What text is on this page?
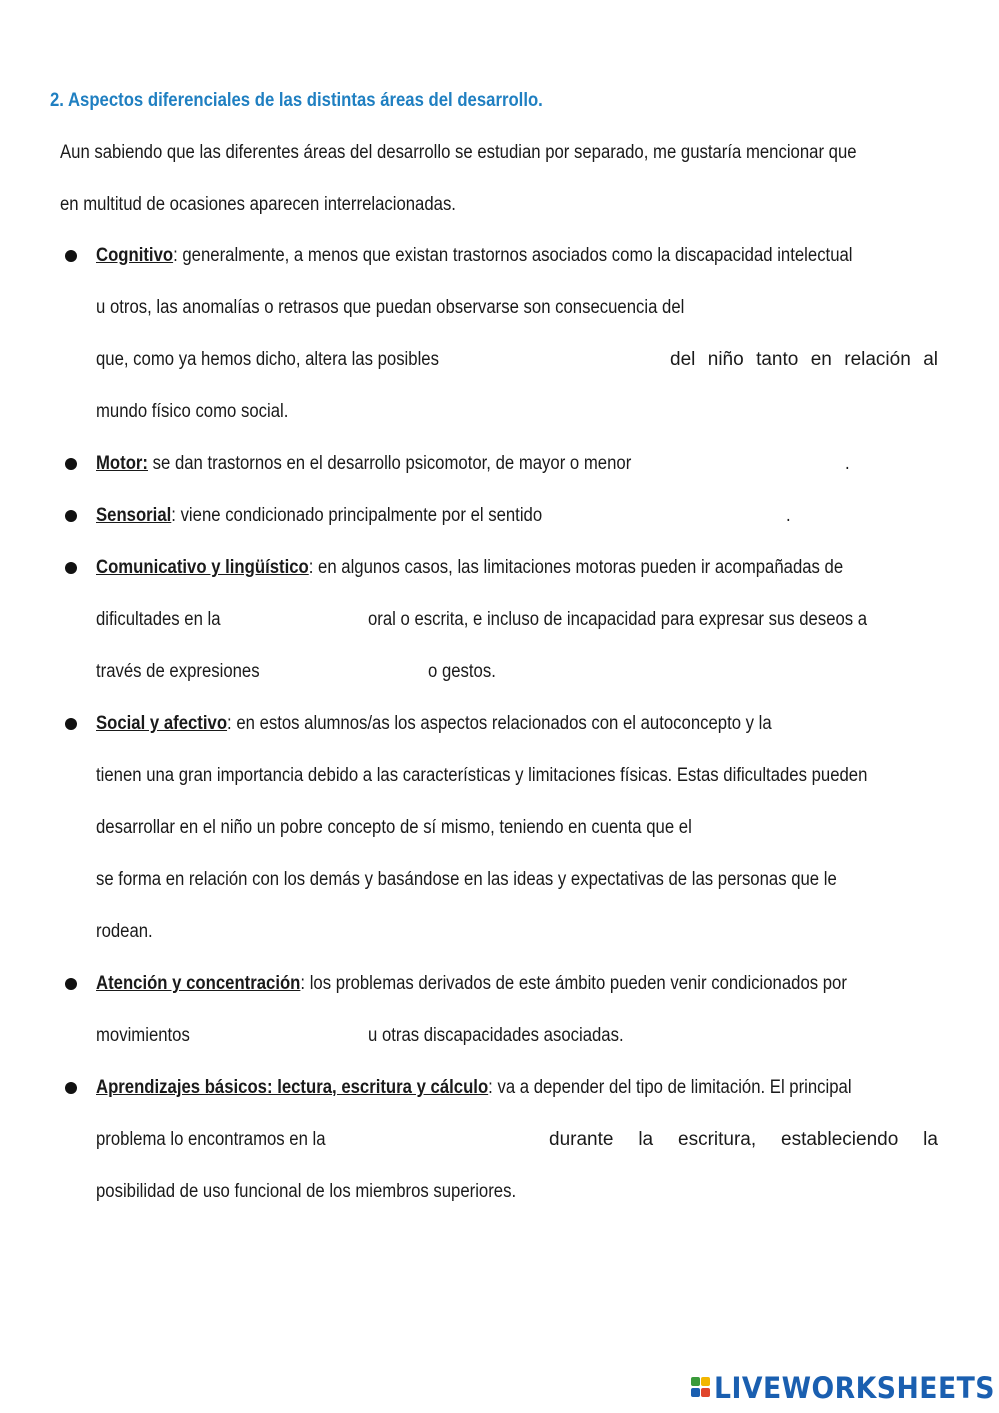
2. Aspectos diferenciales de las distintas áreas del desarrollo.

Aun sabiendo que las diferentes áreas del desarrollo se estudian por separado, me gustaría mencionar que

en multitud de ocasiones aparecen interrelacionadas.

Cognitivo: generalmente, a menos que existan trastornos asociados como la discapacidad intelectual

u otros, las anomalías o retrasos que puedan observarse son consecuencia del

que, como ya hemos dicho, altera las posibles	del niño tanto en relación al

mundo físico como social.

Motor: se dan trastornos en el desarrollo psicomotor, de mayor o menor	.

Sensorial: viene condicionado principalmente por el sentido	.

Comunicativo y lingüístico: en algunos casos, las limitaciones motoras pueden ir acompañadas de

dificultades en la	oral o escrita, e incluso de incapacidad para expresar sus deseos a

través de expresiones	o gestos.

Social y afectivo: en estos alumnos/as los aspectos relacionados con el autoconcepto y la

tienen una gran importancia debido a las características y limitaciones físicas. Estas dificultades pueden

desarrollar en el niño un pobre concepto de sí mismo, teniendo en cuenta que el

se forma en relación con los demás y basándose en las ideas y expectativas de las personas que le

rodean.

Atención y concentración: los problemas derivados de este ámbito pueden venir condicionados por

movimientos	u otras discapacidades asociadas.

Aprendizajes básicos: lectura, escritura y cálculo: va a depender del tipo de limitación. El principal

problema lo encontramos en la	durante la escritura, estableciendo la

posibilidad de uso funcional de los miembros superiores.

LIVEWORKSHEETS
